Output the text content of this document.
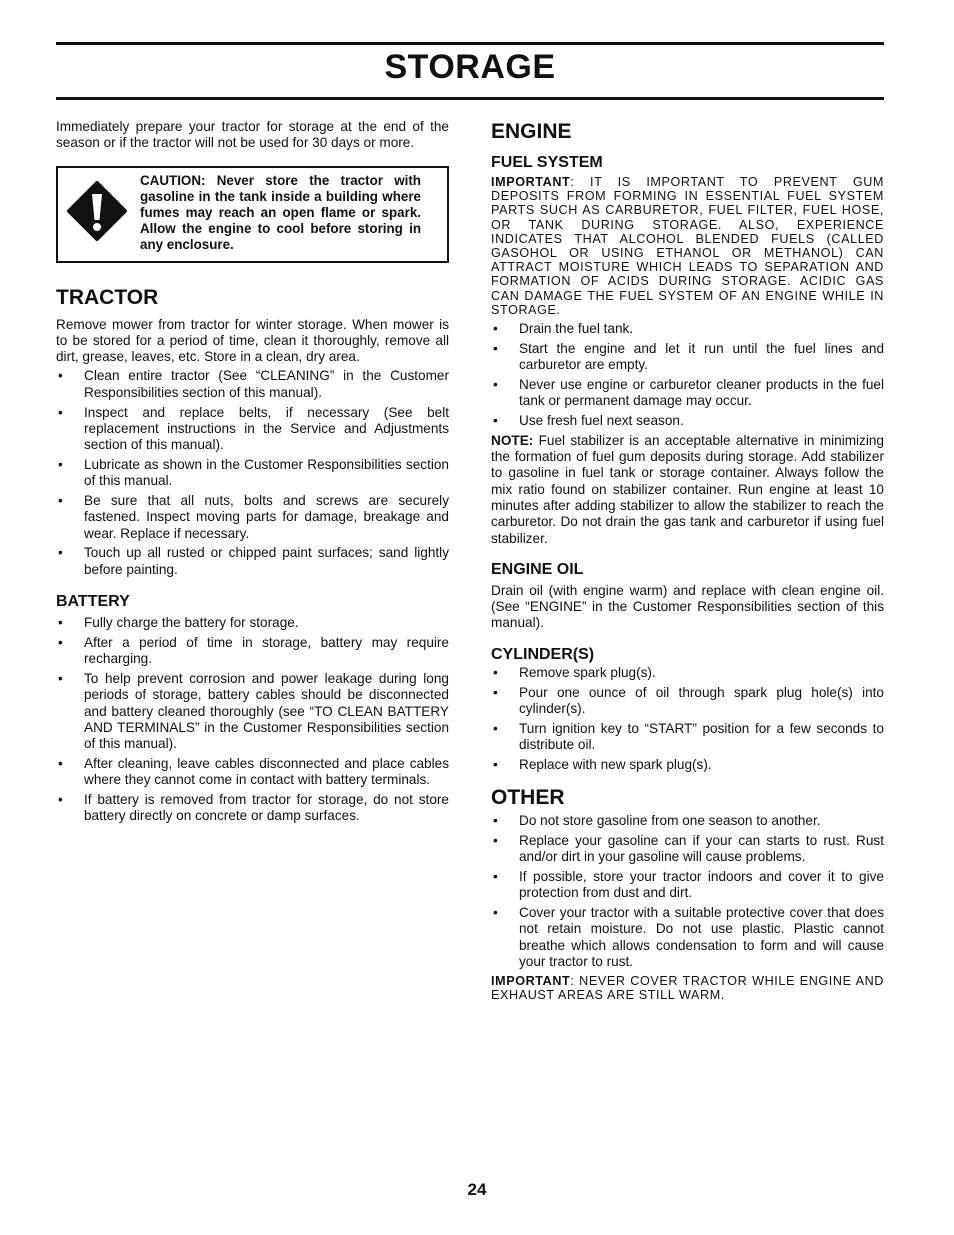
STORAGE

Immediately prepare your tractor for storage at the end of the season or if the tractor will not be used for 30 days or more.

CAUTION: Never store the tractor with gasoline in the tank inside a building where fumes may reach an open flame or spark. Allow the engine to cool before storing in any enclosure.
TRACTOR

Remove mower from tractor for winter storage. When mower is to be stored for a period of time, clean it thoroughly, remove all dirt, grease, leaves, etc. Store in a clean, dry area.

• Clean entire tractor (See “CLEANING” in the Customer Responsibilities section of this manual).
• Inspect and replace belts, if necessary (See belt replacement instructions in the Service and Adjustments section of this manual).
• Lubricate as shown in the Customer Responsibilities section of this manual.
• Be sure that all nuts, bolts and screws are securely fastened. Inspect moving parts for damage, breakage and wear. Replace if necessary.
• Touch up all rusted or chipped paint surfaces; sand lightly before painting.
BATTERY
• Fully charge the battery for storage.
• After a period of time in storage, battery may require recharging.
• To help prevent corrosion and power leakage during long periods of storage, battery cables should be disconnected and battery cleaned thoroughly (see “TO CLEAN BATTERY AND TERMINALS” in the Customer Responsibilities section of this manual).
• After cleaning, leave cables disconnected and place cables where they cannot come in contact with battery terminals.
• If battery is removed from tractor for storage, do not store battery directly on concrete or damp surfaces.
ENGINE
FUEL SYSTEM

IMPORTANT: IT IS IMPORTANT TO PREVENT GUM DEPOSITS FROM FORMING IN ESSENTIAL FUEL SYSTEM PARTS SUCH AS CARBURETOR, FUEL FILTER, FUEL HOSE, OR TANK DURING STORAGE. ALSO, EXPERIENCE INDICATES THAT ALCOHOL BLENDED FUELS (CALLED GASOHOL OR USING ETHANOL OR METHANOL) CAN ATTRACT MOISTURE WHICH LEADS TO SEPARATION AND FORMATION OF ACIDS DURING STORAGE. ACIDIC GAS CAN DAMAGE THE FUEL SYSTEM OF AN ENGINE WHILE IN STORAGE.

• Drain the fuel tank.
• Start the engine and let it run until the fuel lines and carburetor are empty.
• Never use engine or carburetor cleaner products in the fuel tank or permanent damage may occur.
• Use fresh fuel next season.

NOTE: Fuel stabilizer is an acceptable alternative in minimizing the formation of fuel gum deposits during storage. Add stabilizer to gasoline in fuel tank or storage container. Always follow the mix ratio found on stabilizer container. Run engine at least 10 minutes after adding stabilizer to allow the stabilizer to reach the carburetor. Do not drain the gas tank and carburetor if using fuel stabilizer.

ENGINE OIL

Drain oil (with engine warm) and replace with clean engine oil. (See “ENGINE” in the Customer Responsibilities section of this manual).

CYLINDER(S)
• Remove spark plug(s).
• Pour one ounce of oil through spark plug hole(s) into cylinder(s).
• Turn ignition key to “START” position for a few seconds to distribute oil.
• Replace with new spark plug(s).
OTHER
• Do not store gasoline from one season to another.
• Replace your gasoline can if your can starts to rust. Rust and/or dirt in your gasoline will cause problems.
• If possible, store your tractor indoors and cover it to give protection from dust and dirt.
• Cover your tractor with a suitable protective cover that does not retain moisture. Do not use plastic. Plastic cannot breathe which allows condensation to form and will cause your tractor to rust.

IMPORTANT: NEVER COVER TRACTOR WHILE ENGINE AND EXHAUST AREAS ARE STILL WARM.

24
